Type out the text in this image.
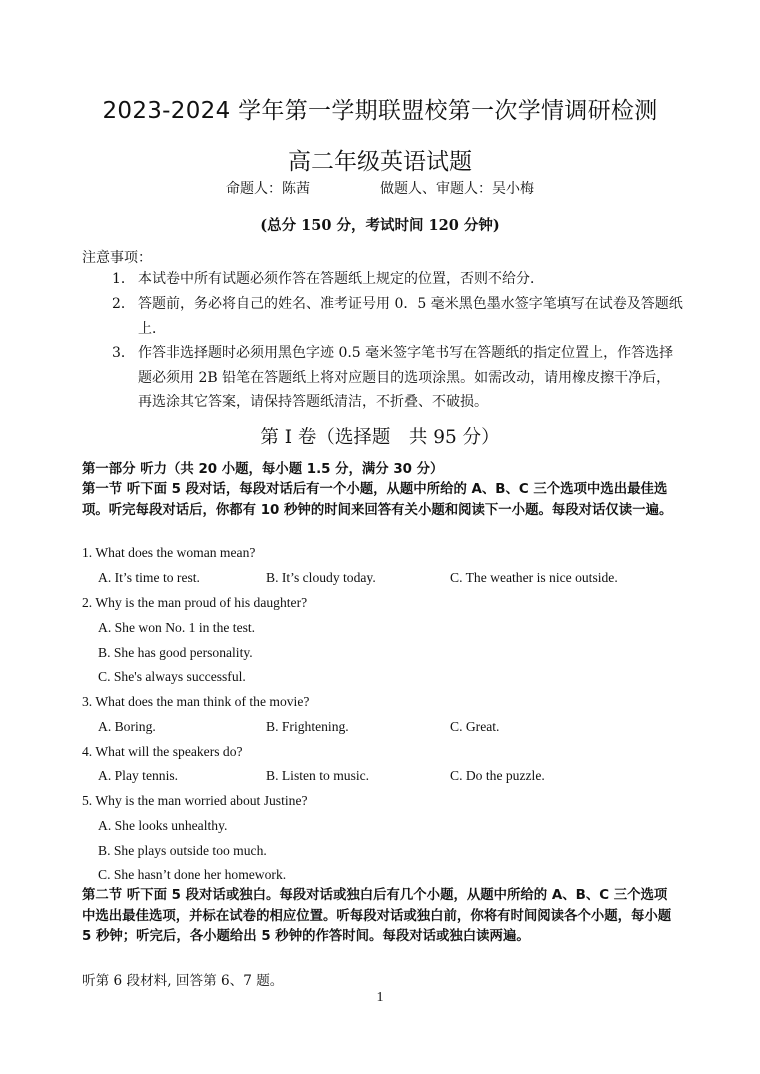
2023-2024 学年第一学期联盟校第一次学情调研检测
高二年级英语试题
命题人：陈茜	做题人、审题人：吴小梅
(总分 150 分，考试时间 120 分钟)
注意事项：
1． 本试卷中所有试题必须作答在答题纸上规定的位置，否则不给分．
2． 答题前，务必将自己的姓名、准考证号用 0．5 毫米黑色墨水签字笔填写在试卷及答题纸上．
3． 作答非选择题时必须用黑色字迹 0.5 毫米签字笔书写在答题纸的指定位置上，作答选择题必须用 2B 铅笔在答题纸上将对应题目的选项涂黑。如需改动，请用橡皮擦干净后，再选涂其它答案，请保持答题纸清洁，不折叠、不破损。
第 I 卷（选择题　共 95 分）
第一部分 听力（共 20 小题，每小题 1.5 分，满分 30 分）
第一节 听下面 5 段对话，每段对话后有一个小题，从题中所给的 A、B、C 三个选项中选出最佳选项。听完每段对话后，你都有 10 秒钟的时间来回答有关小题和阅读下一小题。每段对话仅读一遍。
1. What does the woman mean?
A. It’s time to rest.	B. It’s cloudy today.	C. The weather is nice outside.
2. Why is the man proud of his daughter?
A. She won No. 1 in the test.
B. She has good personality.
C. She's always successful.
3. What does the man think of the movie?
A. Boring.	B. Frightening.	C. Great.
4. What will the speakers do?
A. Play tennis.	B. Listen to music.	C. Do the puzzle.
5. Why is the man worried about Justine?
A. She looks unhealthy.
B. She plays outside too much.
C. She hasn’t done her homework.
第二节 听下面 5 段对话或独白。每段对话或独白后有几个小题，从题中所给的 A、B、C 三个选项中选出最佳选项，并标在试卷的相应位置。听每段对话或独白前，你将有时间阅读各个小题，每小题 5 秒钟；听完后，各小题给出 5 秒钟的作答时间。每段对话或独白读两遍。
听第 6 段材料, 回答第 6、7 题。
1
